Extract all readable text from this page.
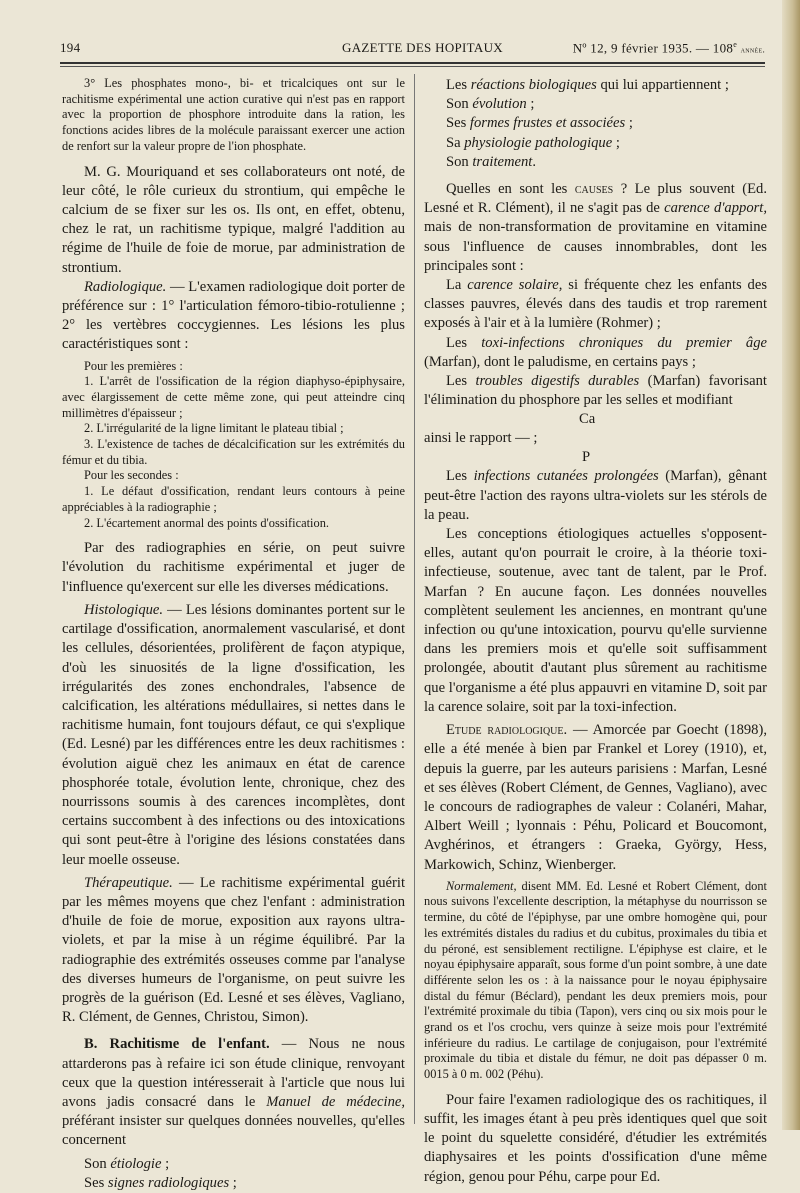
194	GAZETTE DES HOPITAUX	Nº 12, 9 février 1935. — 108e année.

3° Les phosphates mono-, bi- et tricalciques ont sur le rachitisme expérimental une action curative qui n'est pas en rapport avec la proportion de phosphore introduite dans la ration, les fonctions acides libres de la molécule paraissant exercer une action de renfort sur la valeur propre de l'ion phosphate.

M. G. Mouriquand et ses collaborateurs ont noté, de leur côté, le rôle curieux du strontium, qui empêche le calcium de se fixer sur les os. Ils ont, en effet, obtenu, chez le rat, un rachitisme typique, malgré l'addition au régime de l'huile de foie de morue, par administration de strontium.

Radiologique. — L'examen radiologique doit porter de préférence sur : 1° l'articulation fémoro-tibio-rotulienne ; 2° les vertèbres coccygiennes. Les lésions les plus caractéristiques sont :

Pour les premières :

1. L'arrêt de l'ossification de la région diaphyso-épiphysaire, avec élargissement de cette même zone, qui peut atteindre cinq millimètres d'épaisseur ;

2. L'irrégularité de la ligne limitant le plateau tibial ;

3. L'existence de taches de décalcification sur les extrémités du fémur et du tibia.

Pour les secondes :

1. Le défaut d'ossification, rendant leurs contours à peine appréciables à la radiographie ;

2. L'écartement anormal des points d'ossification.

Par des radiographies en série, on peut suivre l'évolution du rachitisme expérimental et juger de l'influence qu'exercent sur elle les diverses médications.

Histologique. — Les lésions dominantes portent sur le cartilage d'ossification, anormalement vascularisé, et dont les cellules, désorientées, prolifèrent de façon atypique, d'où les sinuosités de la ligne d'ossification, les irrégularités des zones enchondrales, l'absence de calcification, les altérations médullaires, si nettes dans le rachitisme humain, font toujours défaut, ce qui s'explique (Ed. Lesné) par les différences entre les deux rachitismes : évolution aiguë chez les animaux en état de carence phosphorée totale, évolution lente, chronique, chez des nourrissons soumis à des carences incomplètes, dont certains succombent à des infections ou des intoxications qui sont peut-être à l'origine des lésions constatées dans leur moelle osseuse.

Thérapeutique. — Le rachitisme expérimental guérit par les mêmes moyens que chez l'enfant : administration d'huile de foie de morue, exposition aux rayons ultra-violets, et par la mise à un régime équilibré. Par la radiographie des extrémités osseuses comme par l'analyse des diverses humeurs de l'organisme, on peut suivre les progrès de la guérison (Ed. Lesné et ses élèves, Vagliano, R. Clément, de Gennes, Christou, Simon).

B. Rachitisme de l'enfant. — Nous ne nous attarderons pas à refaire ici son étude clinique, renvoyant ceux que la question intéresserait à l'article que nous lui avons jadis consacré dans le Manuel de médecine, préférant insister sur quelques données nouvelles, qu'elles concernent

Son étiologie ;

Ses signes radiologiques ;

Les réactions biologiques qui lui appartiennent ;

Son évolution ;

Ses formes frustes et associées ;

Sa physiologie pathologique ;

Son traitement.

Quelles en sont les causes ? Le plus souvent (Ed. Lesné et R. Clément), il ne s'agit pas de carence d'apport, mais de non-transformation de provitamine en vitamine sous l'influence de causes innombrables, dont les principales sont :

La carence solaire, si fréquente chez les enfants des classes pauvres, élevés dans des taudis et trop rarement exposés à l'air et à la lumière (Rohmer) ;

Les toxi-infections chroniques du premier âge (Marfan), dont le paludisme, en certains pays ;

Les troubles digestifs durables (Marfan) favorisant l'élimination du phosphore par les selles et modifiant

Ca
ainsi le rapport — ;
P

Les infections cutanées prolongées (Marfan), gênant peut-être l'action des rayons ultra-violets sur les stérols de la peau.

Les conceptions étiologiques actuelles s'opposent-elles, autant qu'on pourrait le croire, à la théorie toxi-infectieuse, soutenue, avec tant de talent, par le Prof. Marfan ? En aucune façon. Les données nouvelles complètent seulement les anciennes, en montrant qu'une infection ou qu'une intoxication, pourvu qu'elle survienne dans les premiers mois et qu'elle soit suffisamment prolongée, aboutit d'autant plus sûrement au rachitisme que l'organisme a été plus appauvri en vitamine D, soit par la carence solaire, soit par la toxi-infection.

Etude radiologique. — Amorcée par Goecht (1898), elle a été menée à bien par Frankel et Lorey (1910), et, depuis la guerre, par les auteurs parisiens : Marfan, Lesné et ses élèves (Robert Clément, de Gennes, Vagliano), avec le concours de radiographes de valeur : Colanéri, Mahar, Albert Weill ; lyonnais : Péhu, Policard et Boucomont, Avghérinos, et étrangers : Graeka, György, Hess, Markowich, Schinz, Wienberger.

Normalement, disent MM. Ed. Lesné et Robert Clément, dont nous suivons l'excellente description, la métaphyse du nourrisson se termine, du côté de l'épiphyse, par une ombre homogène qui, pour les extrémités distales du radius et du cubitus, proximales du tibia et du péroné, est sensiblement rectiligne. L'épiphyse est claire, et le noyau épiphysaire apparaît, sous forme d'un point sombre, à une date différente selon les os : à la naissance pour le noyau épiphysaire distal du fémur (Béclard), pendant les deux premiers mois, pour l'extrémité proximale du tibia (Tapon), vers cinq ou six mois pour le grand os et l'os crochu, vers quinze à seize mois pour l'extrémité inférieure du radius. Le cartilage de conjugaison, pour l'extrémité proximale du tibia et distale du fémur, ne doit pas dépasser 0 m. 0015 à 0 m. 002 (Péhu).

Pour faire l'examen radiologique des os rachitiques, il suffit, les images étant à peu près identiques quel que soit le point du squelette considéré, d'étudier les extrémités diaphysaires et les points d'ossification d'une même région, genou pour Péhu, carpe pour Ed.
